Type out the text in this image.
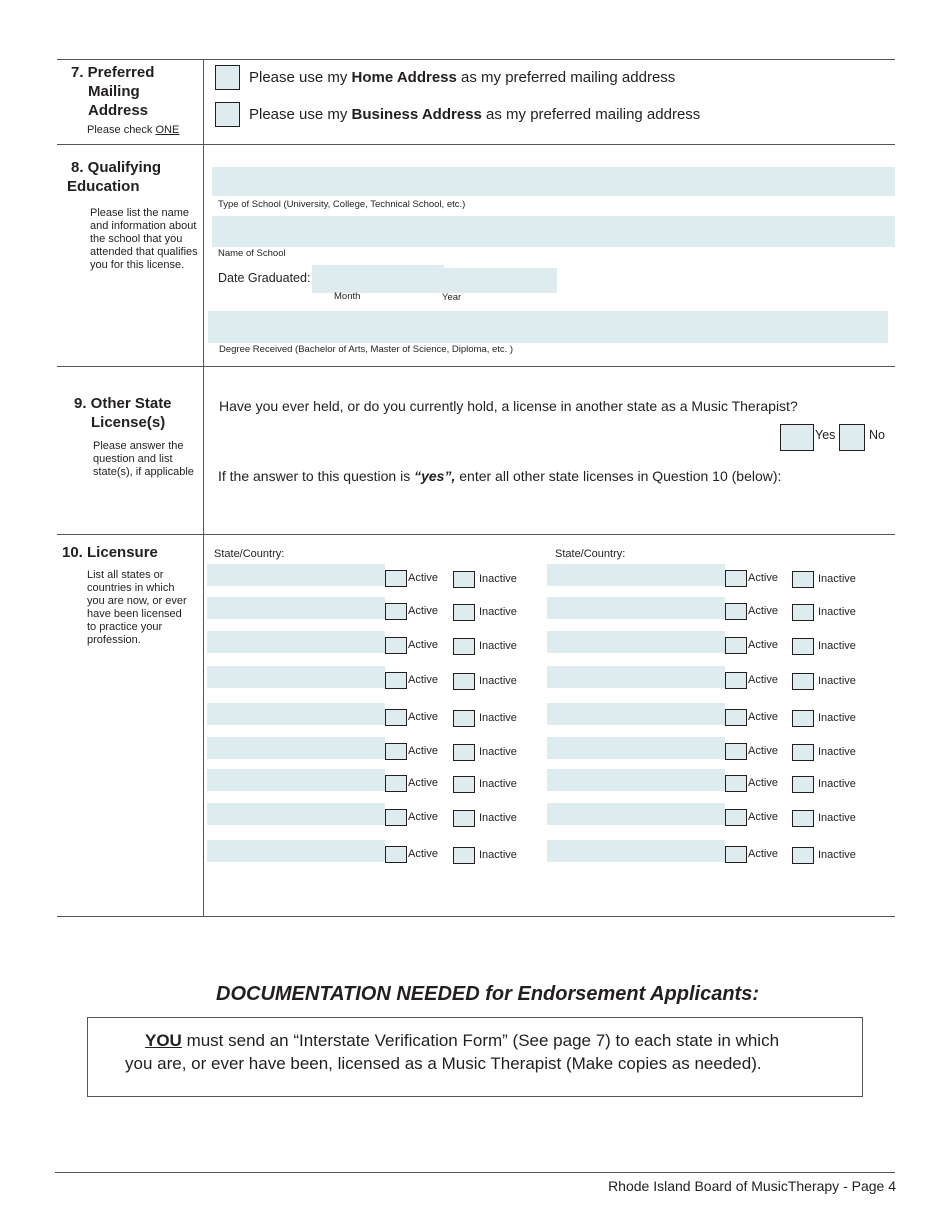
7. Preferred
Mailing
Address
Please check ONE
Please use my Home Address as my preferred mailing address
Please use my Business Address as my preferred mailing address
8. Qualifying
Education
Please list the name
and information about
the school that you
attended that qualifies
you for this license.
Type of School (University, College, Technical School, etc.)
Name of School
Date Graduated:
Month	Year
Degree Received (Bachelor of Arts, Master of Science, Diploma, etc. )
9. Other State
License(s)
Please answer the
question and list
state(s), if applicable
Have you ever held, or do you currently hold, a license in another state as a Music Therapist?
Yes	No
If the answer to this question is “yes”, enter all other state licenses in Question 10 (below):
10. Licensure
List all states or
countries in which
you are now, or ever
have been licensed
to practice your
profession.
State/Country:	State/Country:
Active	Inactive	Active	Inactive
Active	Inactive	Active	Inactive
Active	Inactive	Active	Inactive
Active	Inactive	Active	Inactive
Active	Inactive	Active	Inactive
Active	Inactive	Active	Inactive
Active	Inactive	Active	Inactive
Active	Inactive	Active	Inactive
Active	Inactive	Active	Inactive
DOCUMENTATION NEEDED for Endorsement Applicants:
YOU must send an “Interstate Verification Form” (See page 7) to each state in which
you are, or ever have been, licensed as a Music Therapist (Make copies as needed).
Rhode Island Board of MusicTherapy - Page 4
